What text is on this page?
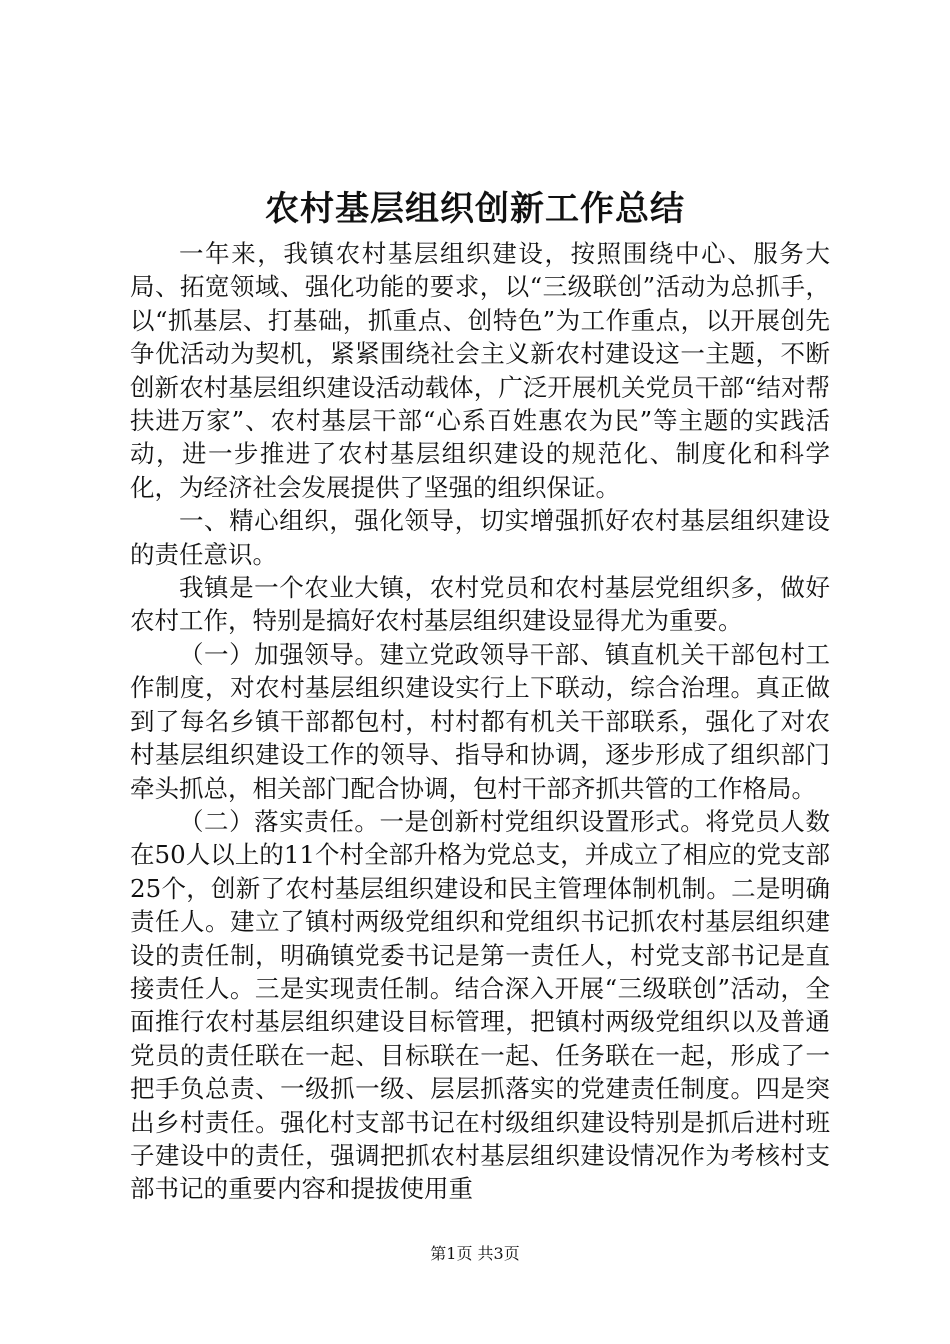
农村基层组织创新工作总结

一年来，我镇农村基层组织建设，按照围绕中心、服务大局、拓宽领域、强化功能的要求，以“三级联创”活动为总抓手，以“抓基层、打基础，抓重点、创特色”为工作重点，以开展创先争优活动为契机，紧紧围绕社会主义新农村建设这一主题，不断创新农村基层组织建设活动载体，广泛开展机关党员干部“结对帮扶进万家”、农村基层干部“心系百姓惠农为民”等主题的实践活动，进一步推进了农村基层组织建设的规范化、制度化和科学化，为经济社会发展提供了坚强的组织保证。

一、精心组织，强化领导，切实增强抓好农村基层组织建设的责任意识。

我镇是一个农业大镇，农村党员和农村基层党组织多，做好农村工作，特别是搞好农村基层组织建设显得尤为重要。

（一）加强领导。建立党政领导干部、镇直机关干部包村工作制度，对农村基层组织建设实行上下联动，综合治理。真正做到了每名乡镇干部都包村，村村都有机关干部联系，强化了对农村基层组织建设工作的领导、指导和协调，逐步形成了组织部门牵头抓总，相关部门配合协调，包村干部齐抓共管的工作格局。

（二）落实责任。一是创新村党组织设置形式。将党员人数在50人以上的11个村全部升格为党总支，并成立了相应的党支部25个，创新了农村基层组织建设和民主管理体制机制。二是明确责任人。建立了镇村两级党组织和党组织书记抓农村基层组织建设的责任制，明确镇党委书记是第一责任人，村党支部书记是直接责任人。三是实现责任制。结合深入开展“三级联创”活动，全面推行农村基层组织建设目标管理，把镇村两级党组织以及普通党员的责任联在一起、目标联在一起、任务联在一起，形成了一把手负总责、一级抓一级、层层抓落实的党建责任制度。四是突出乡村责任。强化村支部书记在村级组织建设特别是抓后进村班子建设中的责任，强调把抓农村基层组织建设情况作为考核村支部书记的重要内容和提拔使用重

第1页 共3页
